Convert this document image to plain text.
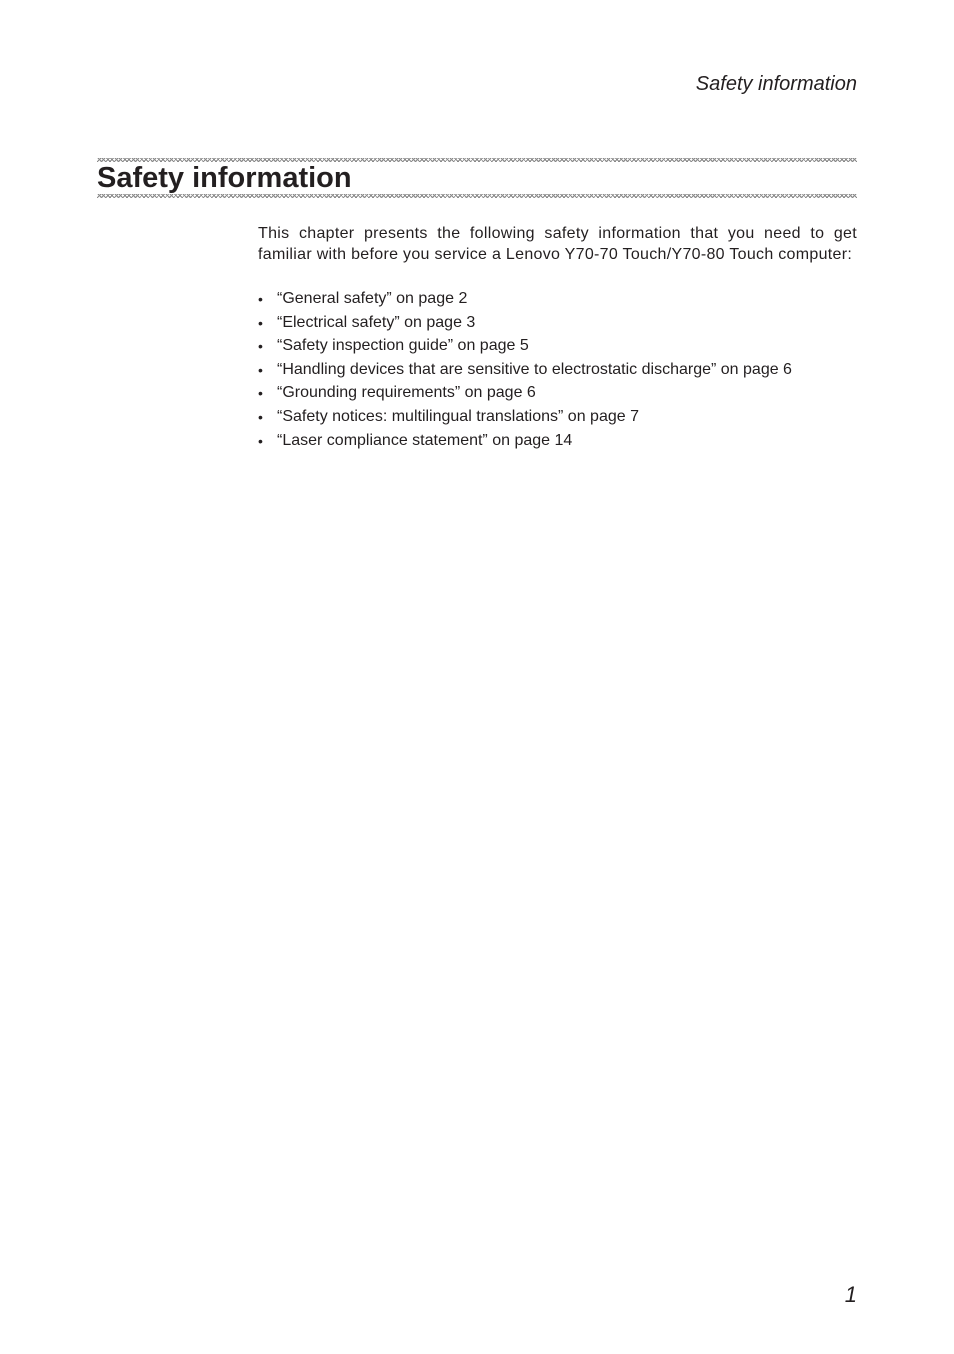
Safety information
Safety information

This chapter presents the following safety information that you need to get familiar with before you service a Lenovo Y70-70 Touch/Y70-80 Touch computer:

• “General safety” on page 2
• “Electrical safety” on page 3
• “Safety inspection guide” on page 5
• “Handling devices that are sensitive to electrostatic discharge” on page 6
• “Grounding requirements” on page 6
• “Safety notices: multilingual translations” on page 7
• “Laser compliance statement” on page 14
1
